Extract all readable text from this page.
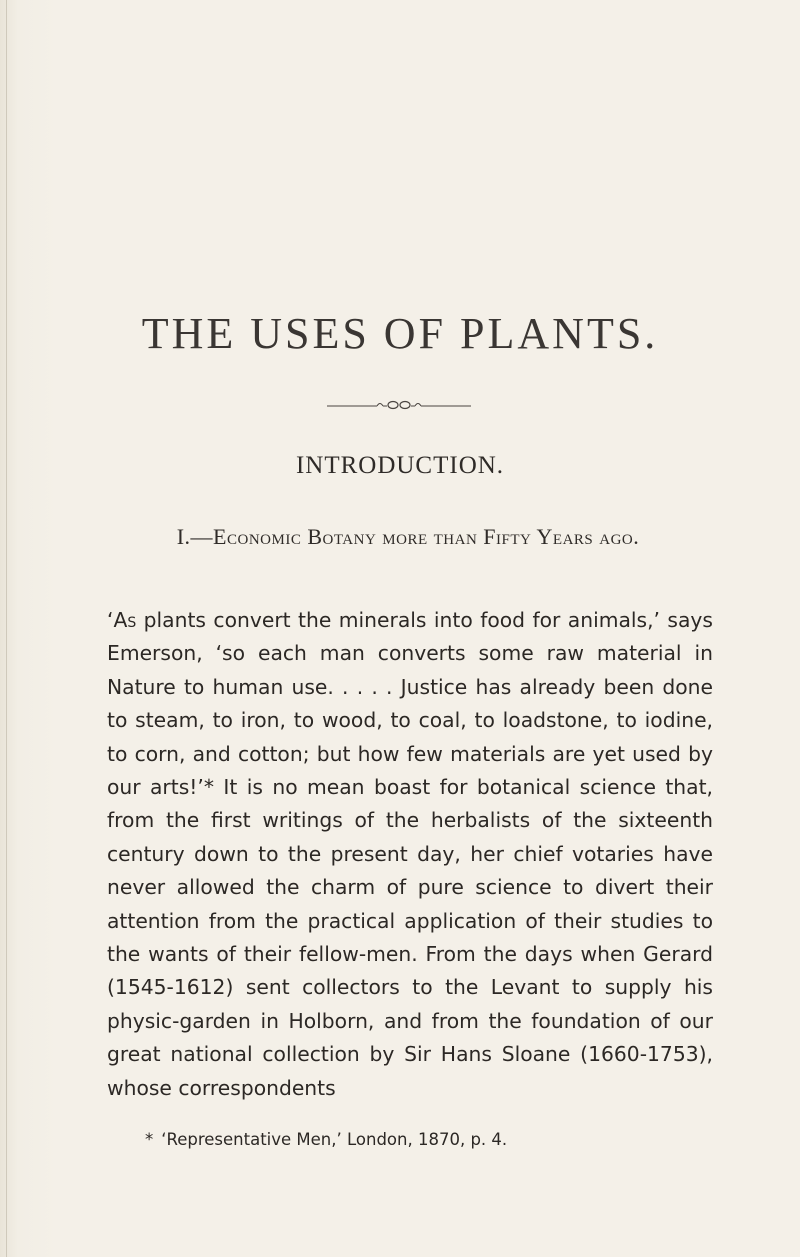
THE USES OF PLANTS.
INTRODUCTION.
I.—Economic Botany more than Fifty Years ago.

‘As plants convert the minerals into food for animals,’ says Emerson, ‘so each man converts some raw material in Nature to human use. . . . . Justice has already been done to steam, to iron, to wood, to coal, to loadstone, to iodine, to corn, and cotton; but how few materials are yet used by our arts!’* It is no mean boast for botanical science that, from the first writings of the herbalists of the sixteenth century down to the present day, her chief votaries have never allowed the charm of pure science to divert their attention from the practical application of their studies to the wants of their fellow-men. From the days when Gerard (1545-1612) sent collectors to the Levant to supply his physic-garden in Holborn, and from the foundation of our great national collection by Sir Hans Sloane (1660-1753), whose correspondents

* ‘Representative Men,’ London, 1870, p. 4.
